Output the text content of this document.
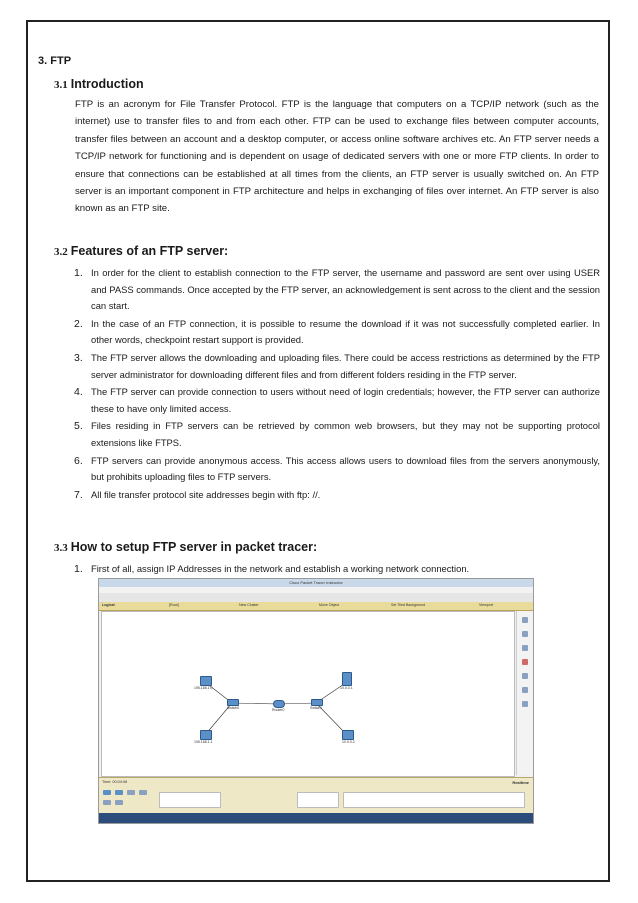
3. FTP
3.1 Introduction
FTP is an acronym for File Transfer Protocol. FTP is the language that computers on a TCP/IP network (such as the internet) use to transfer files to and from each other. FTP can be used to exchange files between computer accounts, transfer files between an account and a desktop computer, or access online software archives etc. An FTP server needs a TCP/IP network for functioning and is dependent on usage of dedicated servers with one or more FTP clients. In order to ensure that connections can be established at all times from the clients, an FTP server is usually switched on. An FTP server is an important component in FTP architecture and helps in exchanging of files over internet. An FTP server is also known as an FTP site.
3.2 Features of an FTP server:
1. In order for the client to establish connection to the FTP server, the username and password are sent over using USER and PASS commands. Once accepted by the FTP server, an acknowledgement is sent across to the client and the session can start.
2. In the case of an FTP connection, it is possible to resume the download if it was not successfully completed earlier. In other words, checkpoint restart support is provided.
3. The FTP server allows the downloading and uploading files. There could be access restrictions as determined by the FTP server administrator for downloading different files and from different folders residing in the FTP server.
4. The FTP server can provide connection to users without need of login credentials; however, the FTP server can authorize these to have only limited access.
5. Files residing in FTP servers can be retrieved by common web browsers, but they may not be supporting protocol extensions like FTPS.
6. FTP servers can provide anonymous access. This access allows users to download files from the servers anonymously, but prohibits uploading files to FTP servers.
7. All file transfer protocol site addresses begin with ftp: //.
3.3 How to setup FTP server in packet tracer:
1. First of all, assign IP Addresses in the network and establish a working network connection.
Cisco Packet Tracer Instructor
Logical	[Root]	New Cluster	Move Object	Set Tiled Background	Viewport
195.168.1.0
Switch0	Router0	Switch1
10.0.0.1
195.168.1.1	10.0.0.2
Time: 00:04:08	Realtime
